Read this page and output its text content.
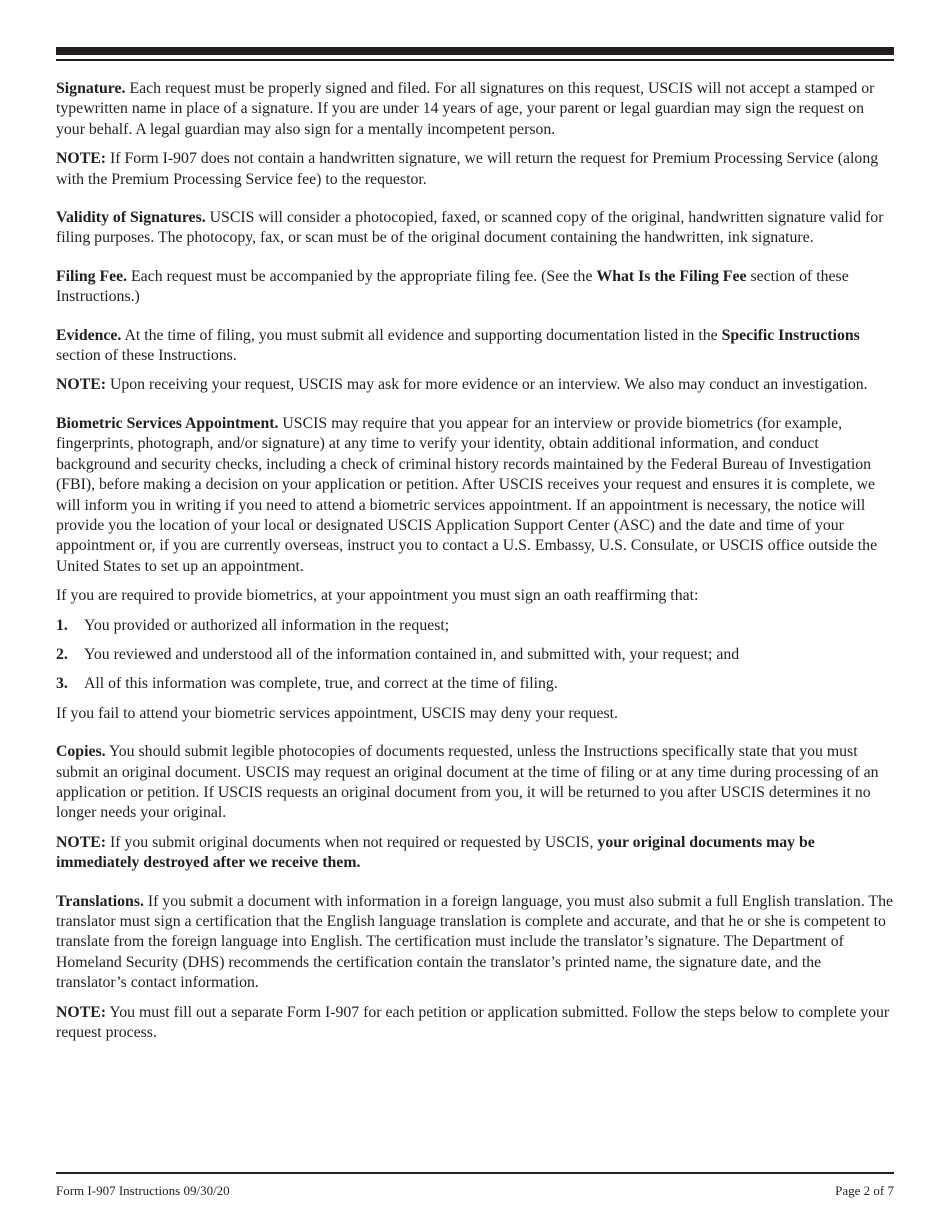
Signature. Each request must be properly signed and filed. For all signatures on this request, USCIS will not accept a stamped or typewritten name in place of a signature. If you are under 14 years of age, your parent or legal guardian may sign the request on your behalf. A legal guardian may also sign for a mentally incompetent person.

NOTE: If Form I-907 does not contain a handwritten signature, we will return the request for Premium Processing Service (along with the Premium Processing Service fee) to the requestor.

Validity of Signatures. USCIS will consider a photocopied, faxed, or scanned copy of the original, handwritten signature valid for filing purposes. The photocopy, fax, or scan must be of the original document containing the handwritten, ink signature.

Filing Fee. Each request must be accompanied by the appropriate filing fee. (See the What Is the Filing Fee section of these Instructions.)

Evidence. At the time of filing, you must submit all evidence and supporting documentation listed in the Specific Instructions section of these Instructions.

NOTE: Upon receiving your request, USCIS may ask for more evidence or an interview. We also may conduct an investigation.

Biometric Services Appointment. USCIS may require that you appear for an interview or provide biometrics (for example, fingerprints, photograph, and/or signature) at any time to verify your identity, obtain additional information, and conduct background and security checks, including a check of criminal history records maintained by the Federal Bureau of Investigation (FBI), before making a decision on your application or petition. After USCIS receives your request and ensures it is complete, we will inform you in writing if you need to attend a biometric services appointment. If an appointment is necessary, the notice will provide you the location of your local or designated USCIS Application Support Center (ASC) and the date and time of your appointment or, if you are currently overseas, instruct you to contact a U.S. Embassy, U.S. Consulate, or USCIS office outside the United States to set up an appointment.

If you are required to provide biometrics, at your appointment you must sign an oath reaffirming that:

1.	You provided or authorized all information in the request;
2.	You reviewed and understood all of the information contained in, and submitted with, your request; and
3.	All of this information was complete, true, and correct at the time of filing.

If you fail to attend your biometric services appointment, USCIS may deny your request.

Copies. You should submit legible photocopies of documents requested, unless the Instructions specifically state that you must submit an original document. USCIS may request an original document at the time of filing or at any time during processing of an application or petition. If USCIS requests an original document from you, it will be returned to you after USCIS determines it no longer needs your original.

NOTE: If you submit original documents when not required or requested by USCIS, your original documents may be immediately destroyed after we receive them.

Translations. If you submit a document with information in a foreign language, you must also submit a full English translation. The translator must sign a certification that the English language translation is complete and accurate, and that he or she is competent to translate from the foreign language into English. The certification must include the translator’s signature. The Department of Homeland Security (DHS) recommends the certification contain the translator’s printed name, the signature date, and the translator’s contact information.

NOTE: You must fill out a separate Form I-907 for each petition or application submitted. Follow the steps below to complete your request process.

Form I-907 Instructions 09/30/20	Page 2 of 7
